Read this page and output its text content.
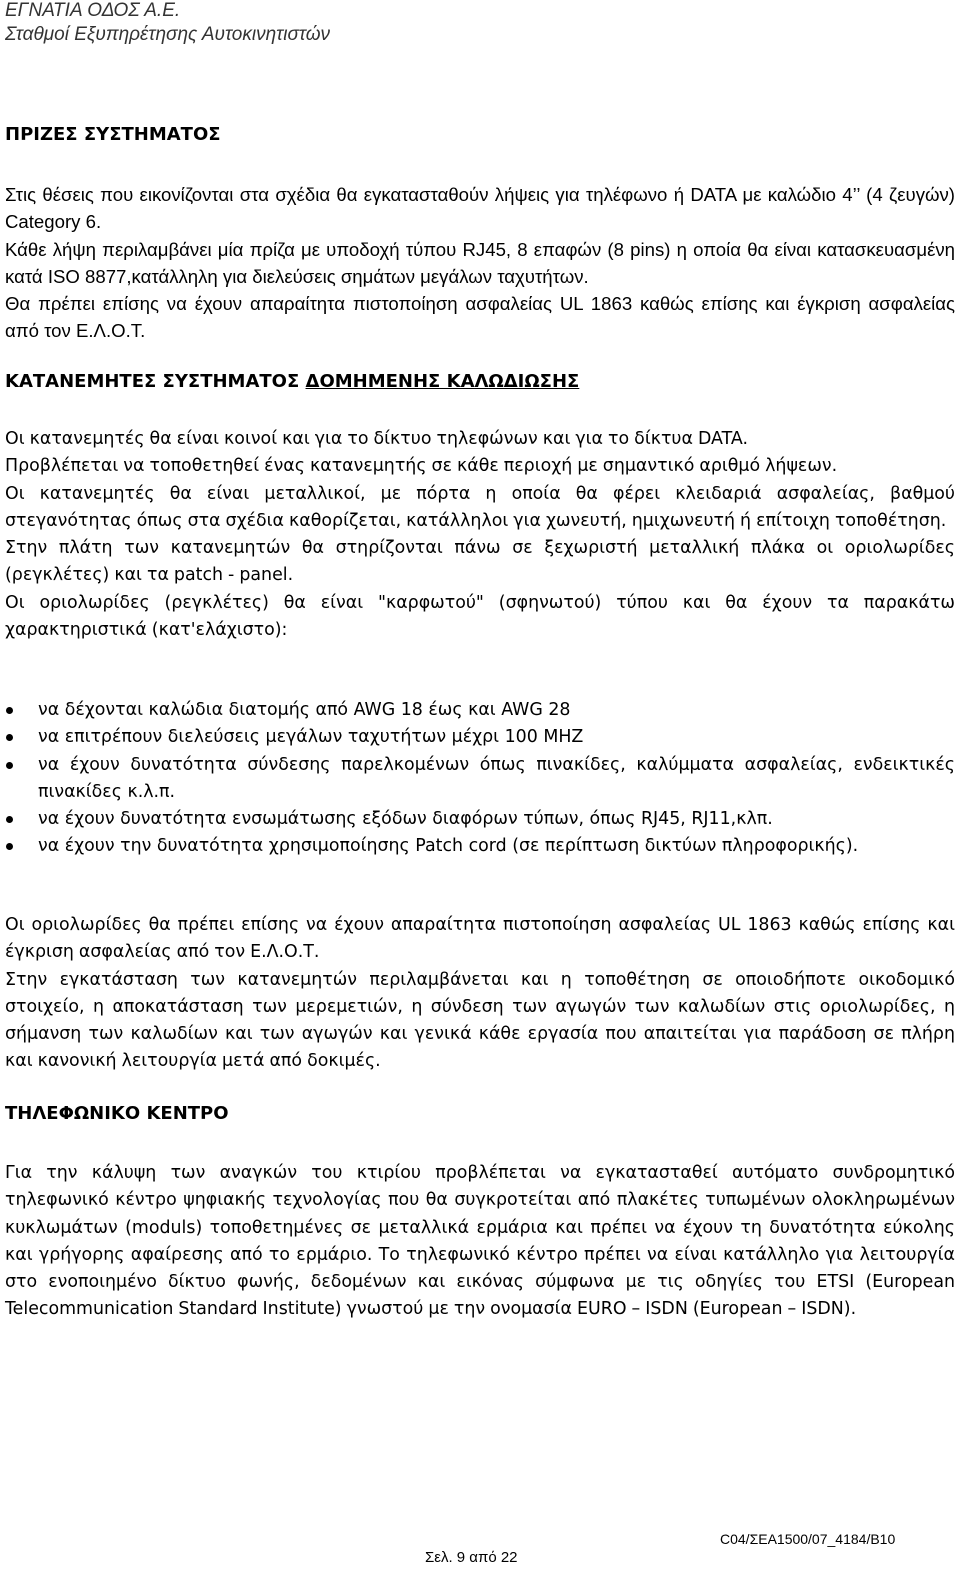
ΕΓΝΑΤΙΑ ΟΔΟΣ Α.Ε.
Σταθμοί Εξυπηρέτησης Αυτοκινητιστών
ΠΡΙΖΕΣ ΣΥΣΤΗΜΑΤΟΣ
Στις θέσεις που εικονίζονται στα σχέδια θα εγκατασταθούν λήψεις για τηλέφωνο ή DATA με καλώδιο 4’’ (4 ζευγών) Category 6.
Κάθε λήψη περιλαμβάνει μία πρίζα με υποδοχή τύπου RJ45, 8 επαφών (8 pins) η οποία θα είναι κατασκευασμένη κατά ISO 8877,κατάλληλη για διελεύσεις σημάτων μεγάλων ταχυτήτων.
Θα πρέπει επίσης να έχουν απαραίτητα πιστοποίηση ασφαλείας UL 1863 καθώς επίσης και έγκριση ασφαλείας από τον Ε.Λ.Ο.Τ.
ΚΑΤΑΝΕΜΗΤΕΣ ΣΥΣΤΗΜΑΤΟΣ ΔΟΜΗΜΕΝΗΣ ΚΑΛΩΔΙΩΣΗΣ
Οι κατανεμητές θα είναι κοινοί και για το δίκτυο τηλεφώνων και για το δίκτυα DATA.
Προβλέπεται να τοποθετηθεί ένας κατανεμητής σε κάθε περιοχή με σημαντικό αριθμό λήψεων.
Οι κατανεμητές θα είναι μεταλλικοί, με πόρτα η οποία θα φέρει κλειδαριά ασφαλείας, βαθμού στεγανότητας όπως στα σχέδια καθορίζεται, κατάλληλοι για χωνευτή, ημιχωνευτή ή επίτοιχη τοποθέτηση.
Στην πλάτη των κατανεμητών θα στηρίζονται πάνω σε ξεχωριστή μεταλλική πλάκα οι οριολωρίδες (ρεγκλέτες) και τα patch - panel.
Οι οριολωρίδες (ρεγκλέτες) θα είναι "καρφωτού" (σφηνωτού) τύπου και θα έχουν τα παρακάτω χαρακτηριστικά (κατ'ελάχιστο):
να δέχονται καλώδια διατομής από AWG 18 έως και AWG 28
να επιτρέπουν διελεύσεις μεγάλων ταχυτήτων μέχρι 100 MHZ
να έχουν δυνατότητα σύνδεσης παρελκομένων όπως πινακίδες, καλύμματα ασφαλείας, ενδεικτικές πινακίδες κ.λ.π.
να έχουν δυνατότητα ενσωμάτωσης εξόδων διαφόρων τύπων, όπως RJ45, RJ11,κλπ.
να έχουν την δυνατότητα χρησιμοποίησης Patch cord (σε περίπτωση δικτύων πληροφορικής).
Οι οριολωρίδες θα πρέπει επίσης να έχουν απαραίτητα πιστοποίηση ασφαλείας UL 1863 καθώς επίσης και έγκριση ασφαλείας από τον Ε.Λ.Ο.Τ.
Στην εγκατάσταση των κατανεμητών περιλαμβάνεται και η τοποθέτηση σε οποιοδήποτε οικοδομικό στοιχείο, η αποκατάσταση των μερεμετιών, η σύνδεση των αγωγών των καλωδίων στις οριολωρίδες, η σήμανση των καλωδίων και των αγωγών και γενικά κάθε εργασία που απαιτείται για παράδοση σε πλήρη και κανονική λειτουργία μετά από δοκιμές.
ΤΗΛΕΦΩΝΙΚΟ ΚΕΝΤΡΟ
Για την κάλυψη των αναγκών του κτιρίου προβλέπεται να εγκατασταθεί αυτόματο συνδρομητικό τηλεφωνικό κέντρο ψηφιακής τεχνολογίας που θα συγκροτείται από πλακέτες τυπωμένων ολοκληρωμένων κυκλωμάτων (moduls) τοποθετημένες σε μεταλλικά ερμάρια και πρέπει να έχουν τη δυνατότητα εύκολης και γρήγορης αφαίρεσης από το ερμάριο. Το τηλεφωνικό κέντρο πρέπει να είναι κατάλληλο για λειτουργία στο ενοποιημένο δίκτυο φωνής, δεδομένων και εικόνας σύμφωνα με τις οδηγίες του ETSI (European Telecommunication Standard Institute) γνωστού με την ονομασία EURO – ISDN (European – ISDN).
C04/ΣΕΑ1500/07_4184/B10
Σελ. 9 από 22
